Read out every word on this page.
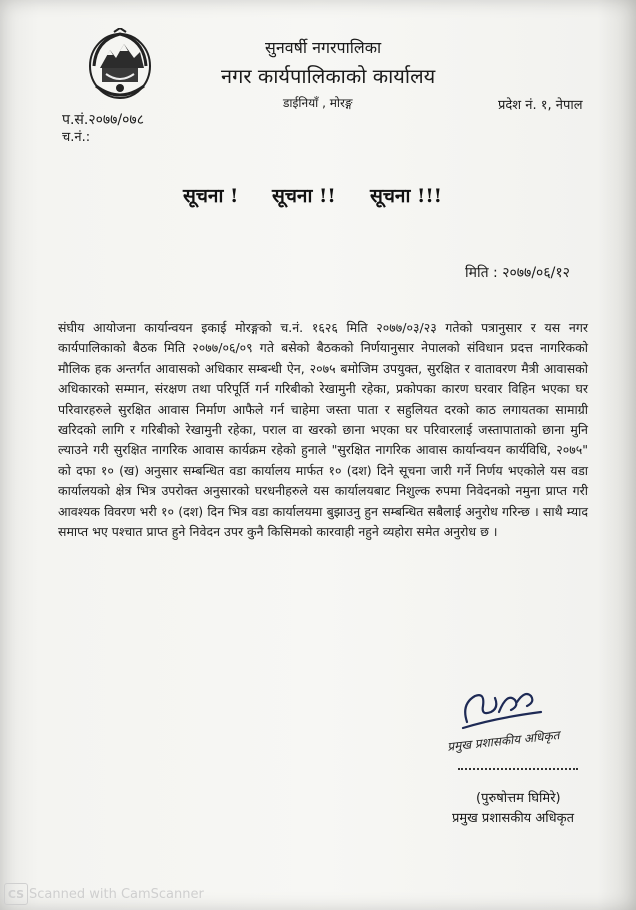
सुनवर्षी नगरपालिका
नगर कार्यपालिकाको कार्यालय
डाईनियाँ , मोरङ्ग	प्रदेश नं. १, नेपाल
प.सं.२०७७/०७८
च.नं.:
सूचना ! सूचना !! सूचना !!!
मिति : २०७७/०६/१२
संघीय आयोजना कार्यान्वयन इकाई मोरङ्गको च.नं. १६२६ मिति २०७७/०३/२३ गतेको पत्रानुसार र यस नगर कार्यपालिकाको बैठक मिति २०७७/०६/०९ गते बसेको बैठकको निर्णयानुसार नेपालको संविधान प्रदत्त नागरिकको मौलिक हक अन्तर्गत आवासको अधिकार सम्बन्धी ऐन, २०७५ बमोजिम उपयुक्त, सुरक्षित र वातावरण मैत्री आवासको अधिकारको सम्मान, संरक्षण तथा परिपूर्ति गर्न गरिबीको रेखामुनी रहेका, प्रकोपका कारण घरवार विहिन भएका घर परिवारहरुले सुरक्षित आवास निर्माण आफैले गर्न चाहेमा जस्ता पाता र सहुलियत दरको काठ लगायतका सामाग्री खरिदको लागि र गरिबीको रेखामुनी रहेका, पराल वा खरको छाना भएका घर परिवारलाई जस्तापाताको छाना मुनि ल्याउने गरी सुरक्षित नागरिक आवास कार्यक्रम रहेको हुनाले "सुरक्षित नागरिक आवास कार्यान्वयन कार्यविधि, २०७५" को दफा १० (ख) अनुसार सम्बन्धित वडा कार्यालय मार्फत १० (दश) दिने सूचना जारी गर्ने निर्णय भएकोले यस वडा कार्यालयको क्षेत्र भित्र उपरोक्त अनुसारको घरधनीहरुले यस कार्यालयबाट निशुल्क रुपमा निवेदनको नमुना प्राप्त गरी आवश्यक विवरण भरी १० (दश) दिन भित्र वडा कार्यालयमा बुझाउनु हुन सम्बन्धित सबैलाई अनुरोध गरिन्छ । साथै म्याद समाप्त भए पश्चात प्राप्त हुने निवेदन उपर कुनै किसिमको कारवाही नहुने व्यहोरा समेत अनुरोध छ ।
प्रमुख प्रशासकीय अधिकृत
(पुरुषोत्तम घिमिरे)
प्रमुख प्रशासकीय अधिकृत
CS Scanned with CamScanner
